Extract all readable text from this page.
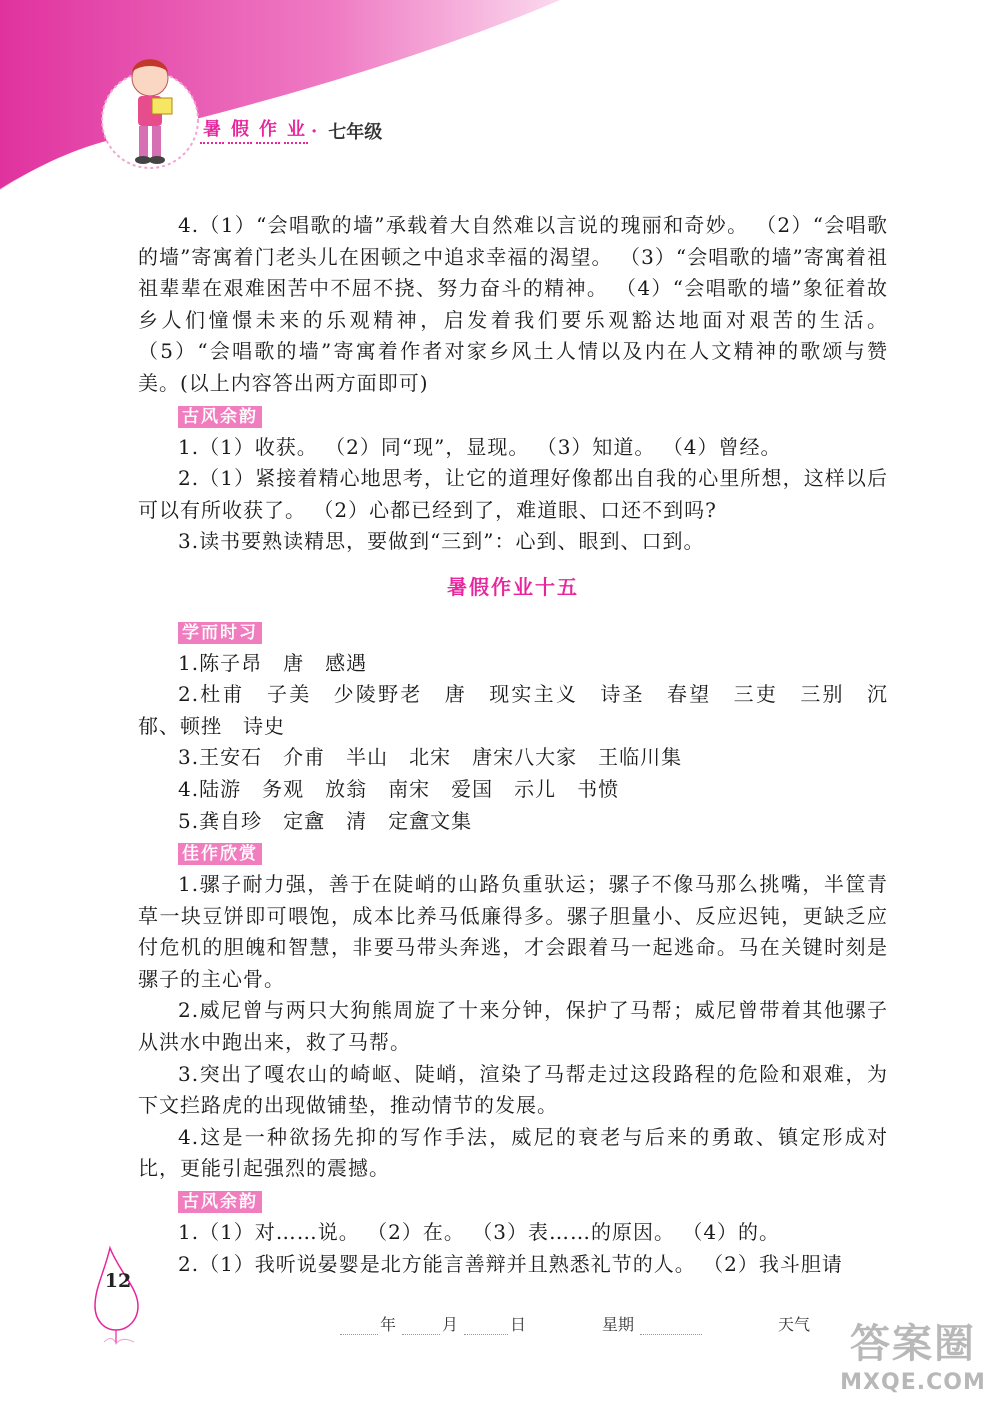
暑 假 作 业 · 七年级

4.（1）“会唱歌的墙”承载着大自然难以言说的瑰丽和奇妙。 （2）“会唱歌的墙”寄寓着门老头儿在困顿之中追求幸福的渴望。 （3）“会唱歌的墙”寄寓着祖祖辈辈在艰难困苦中不屈不挠、努力奋斗的精神。 （4）“会唱歌的墙”象征着故乡人们憧憬未来的乐观精神，启发着我们要乐观豁达地面对艰苦的生活。 （5）“会唱歌的墙”寄寓着作者对家乡风土人情以及内在人文精神的歌颂与赞美。(以上内容答出两方面即可)

古风余韵

1.（1）收获。 （2）同“现”，显现。 （3）知道。 （4）曾经。

2.（1）紧接着精心地思考，让它的道理好像都出自我的心里所想，这样以后可以有所收获了。 （2）心都已经到了，难道眼、口还不到吗?

3.读书要熟读精思，要做到“三到”：心到、眼到、口到。

暑假作业十五
学而时习

1.陈子昂　唐　感遇

2.杜甫　子美　少陵野老　唐　现实主义　诗圣　春望　三吏　三别　沉郁、顿挫　诗史

3.王安石　介甫　半山　北宋　唐宋八大家　王临川集

4.陆游　务观　放翁　南宋　爱国　示儿　书愤

5.龚自珍　定盦　清　定盦文集

佳作欣赏

1.骡子耐力强，善于在陡峭的山路负重驮运；骡子不像马那么挑嘴，半筐青草一块豆饼即可喂饱，成本比养马低廉得多。骡子胆量小、反应迟钝，更缺乏应付危机的胆魄和智慧，非要马带头奔逃，才会跟着马一起逃命。马在关键时刻是骡子的主心骨。

2.威尼曾与两只大狗熊周旋了十来分钟，保护了马帮；威尼曾带着其他骡子从洪水中跑出来，救了马帮。

3.突出了嘎农山的崎岖、陡峭，渲染了马帮走过这段路程的危险和艰难，为下文拦路虎的出现做铺垫，推动情节的发展。

4.这是一种欲扬先抑的写作手法，威尼的衰老与后来的勇敢、镇定形成对比，更能引起强烈的震撼。

古风余韵

1.（1）对……说。 （2）在。 （3）表……的原因。 （4）的。

2.（1）我听说晏婴是北方能言善辩并且熟悉礼节的人。 （2）我斗胆请

12
年	月	日	星期	天气 答案圈
MXQE.COM
